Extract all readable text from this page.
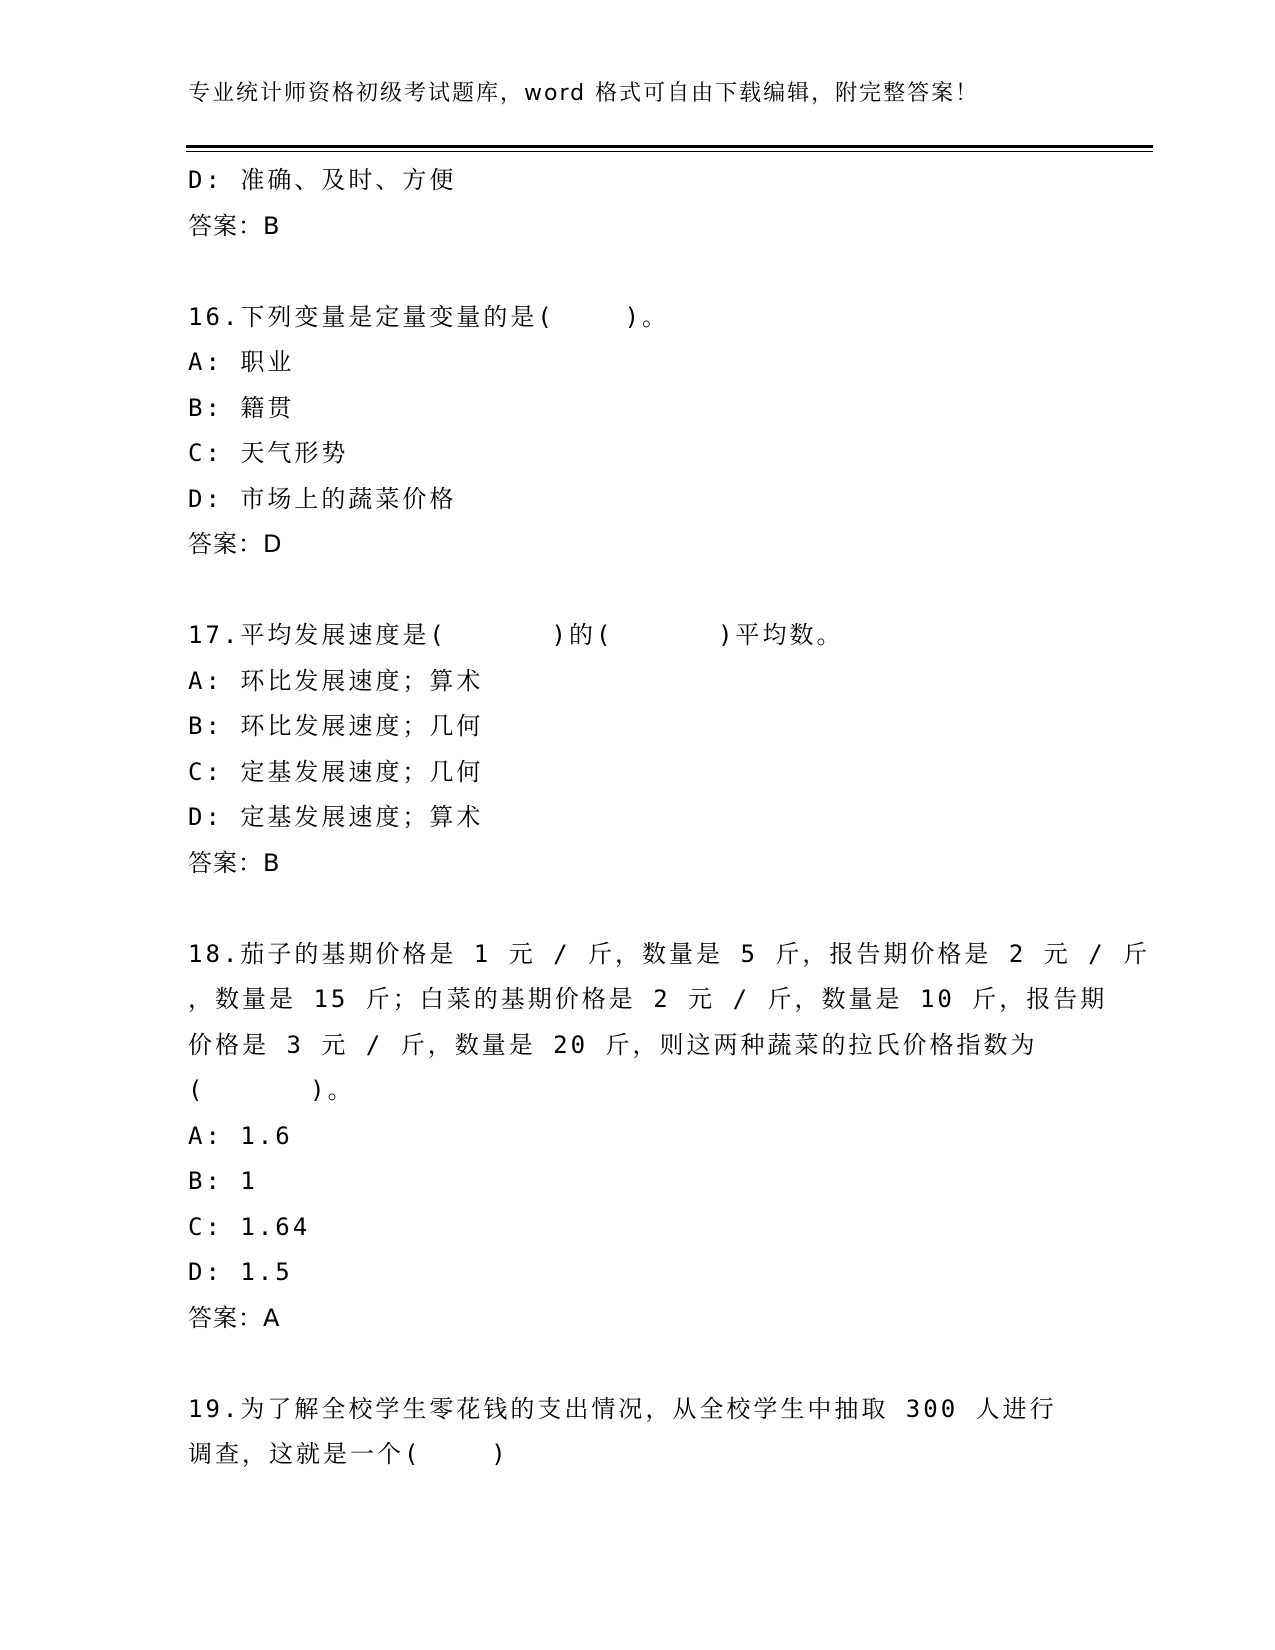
专业统计师资格初级考试题库，word 格式可自由下载编辑，附完整答案！
D: 准确、及时、方便
答案：B
16.下列变量是定量变量的是(    )。
A: 职业
B: 籍贯
C: 天气形势
D: 市场上的蔬菜价格
答案：D
17.平均发展速度是(      )的(      )平均数。
A: 环比发展速度；算术
B: 环比发展速度；几何
C: 定基发展速度；几何
D: 定基发展速度；算术
答案：B
18.茄子的基期价格是 1 元 / 斤，数量是 5 斤，报告期价格是 2 元 / 斤
，数量是 15 斤；白菜的基期价格是 2 元 / 斤，数量是 10 斤，报告期
价格是 3 元 / 斤，数量是 20 斤，则这两种蔬菜的拉氏价格指数为
(      )。
A: 1.6
B: 1
C: 1.64
D: 1.5
答案：A
19.为了解全校学生零花钱的支出情况，从全校学生中抽取 300 人进行
调查，这就是一个(    )
